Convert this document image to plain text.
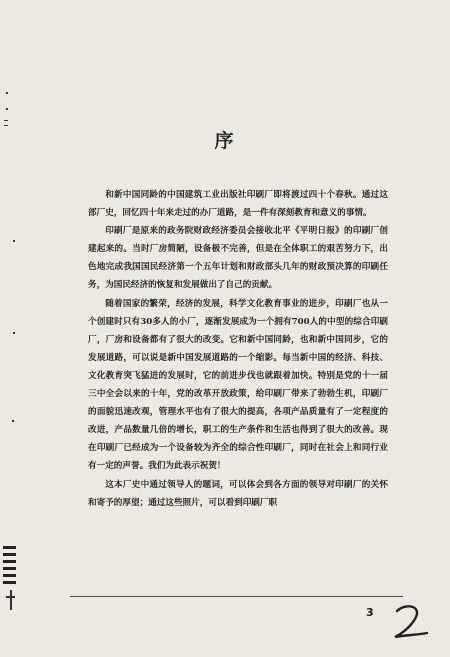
序

和新中国同龄的中国建筑工业出版社印刷厂即将渡过四十个春秋。通过这部厂史，回忆四十年来走过的办厂道路，是一件有深刻教育和意义的事情。

印刷厂是原来的政务院财政经济委员会接收北平《平明日报》的印刷厂创建起来的。当时厂房简陋，设备极不完善，但是在全体职工的艰苦努力下，出色地完成我国国民经济第一个五年计划和财政部头几年的财政预决算的印刷任务，为国民经济的恢复和发展做出了自己的贡献。

随着国家的繁荣，经济的发展，科学文化教育事业的进步，印刷厂也从一个创建时只有30多人的小厂，逐渐发展成为一个拥有700人的中型的综合印刷厂，厂房和设备都有了很大的改变。它和新中国同龄，也和新中国同步，它的发展道路，可以说是新中国发展道路的一个缩影。每当新中国的经济、科技、文化教育突飞猛进的发展时，它的前进步伐也就跟着加快。特别是党的十一届三中全会以来的十年，党的改革开放政策，给印刷厂带来了勃勃生机，印刷厂的面貌迅速改观，管理水平也有了很大的提高，各项产品质量有了一定程度的改进，产品数量几倍的增长，职工的生产条件和生活也得到了很大的改善。现在印刷厂已经成为一个设备较为齐全的综合性印刷厂，同时在社会上和同行业有一定的声誉。我们为此表示祝贺！

这本厂史中通过领导人的题词，可以体会到各方面的领导对印刷厂的关怀和寄予的厚望；通过这些照片，可以看到印刷厂职

3
